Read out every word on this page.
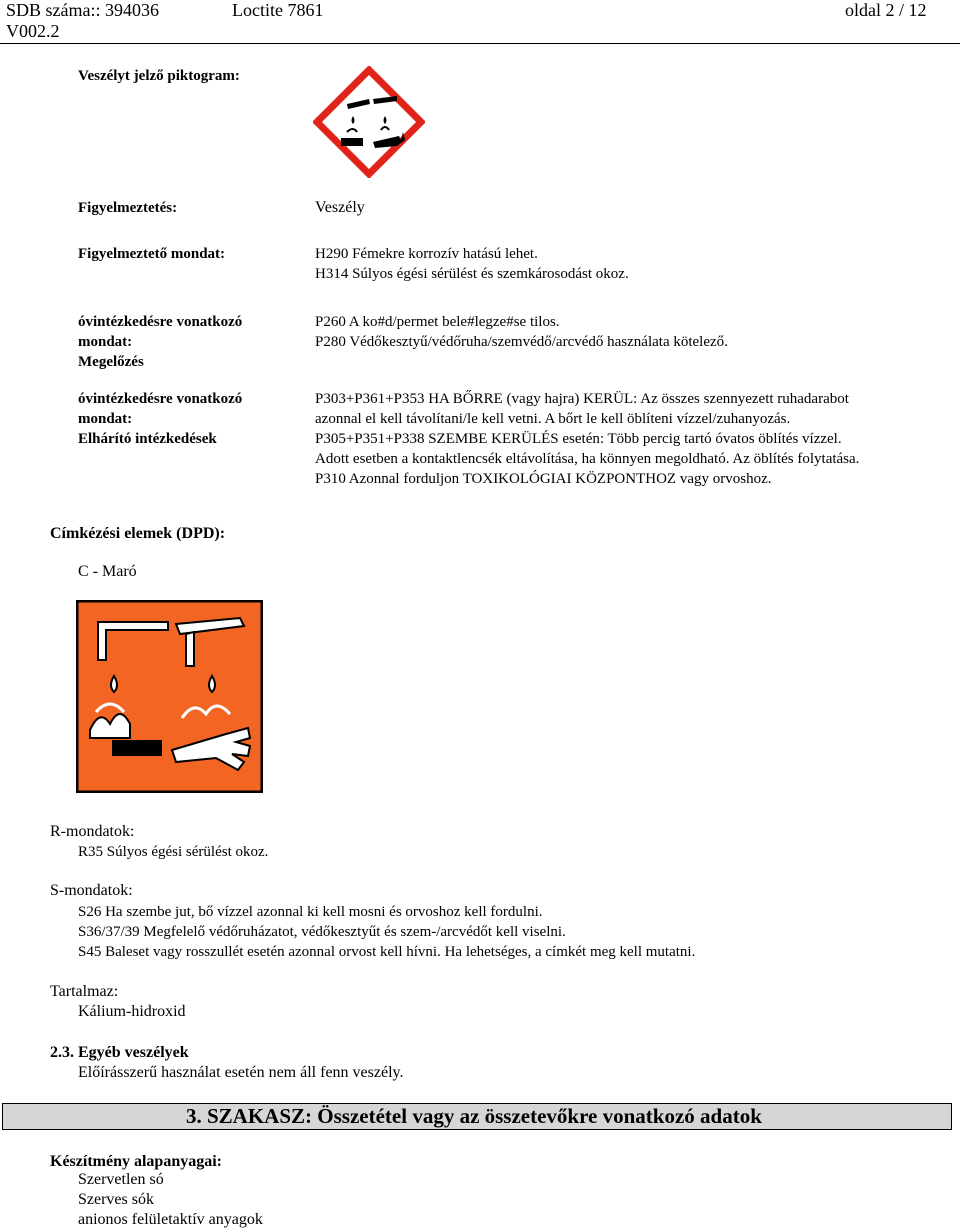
SDB száma:: 394036	Loctite 7861	oldal 2 / 12
V002.2
Veszélyt jelző piktogram:
Figyelmeztetés:
Figyelmeztető mondat:
óvintézkedésre vonatkozó
mondat:
Megelőzés
óvintézkedésre vonatkozó
mondat:
Elhárító intézkedések
Veszély
H290 Fémekre korrozív hatású lehet.
H314 Súlyos égési sérülést és szemkárosodást okoz.
P260 A ko#d/permet bele#legze#se tilos.
P280 Védőkesztyű/védőruha/szemvédő/arcvédő használata kötelező.
P303+P361+P353 HA BŐRRE (vagy hajra) KERÜL: Az összes szennyezett ruhadarabot
azonnal el kell távolítani/le kell vetni. A bőrt le kell öblíteni vízzel/zuhanyozás.
P305+P351+P338 SZEMBE KERÜLÉS esetén: Több percig tartó óvatos öblítés vízzel.
Adott esetben a kontaktlencsék eltávolítása, ha könnyen megoldható. Az öblítés folytatása.
P310 Azonnal forduljon TOXIKOLÓGIAI KÖZPONTHOZ vagy orvoshoz.
Címkézési elemek (DPD):
C - Maró
R-mondatok:
R35 Súlyos égési sérülést okoz.
S-mondatok:
S26 Ha szembe jut, bő vízzel azonnal ki kell mosni és orvoshoz kell fordulni.
S36/37/39 Megfelelő védőruházatot, védőkesztyűt és szem-/arcvédőt kell viselni.
S45 Baleset vagy rosszullét esetén azonnal orvost kell hívni. Ha lehetséges, a címkét meg kell mutatni.
Tartalmaz:
Kálium-hidroxid
2.3. Egyéb veszélyek
Előírásszerű használat esetén nem áll fenn veszély.
3. SZAKASZ: Összetétel vagy az összetevőkre vonatkozó adatok
Készítmény alapanyagai:
Szervetlen só
Szerves sók
anionos felületaktív anyagok
